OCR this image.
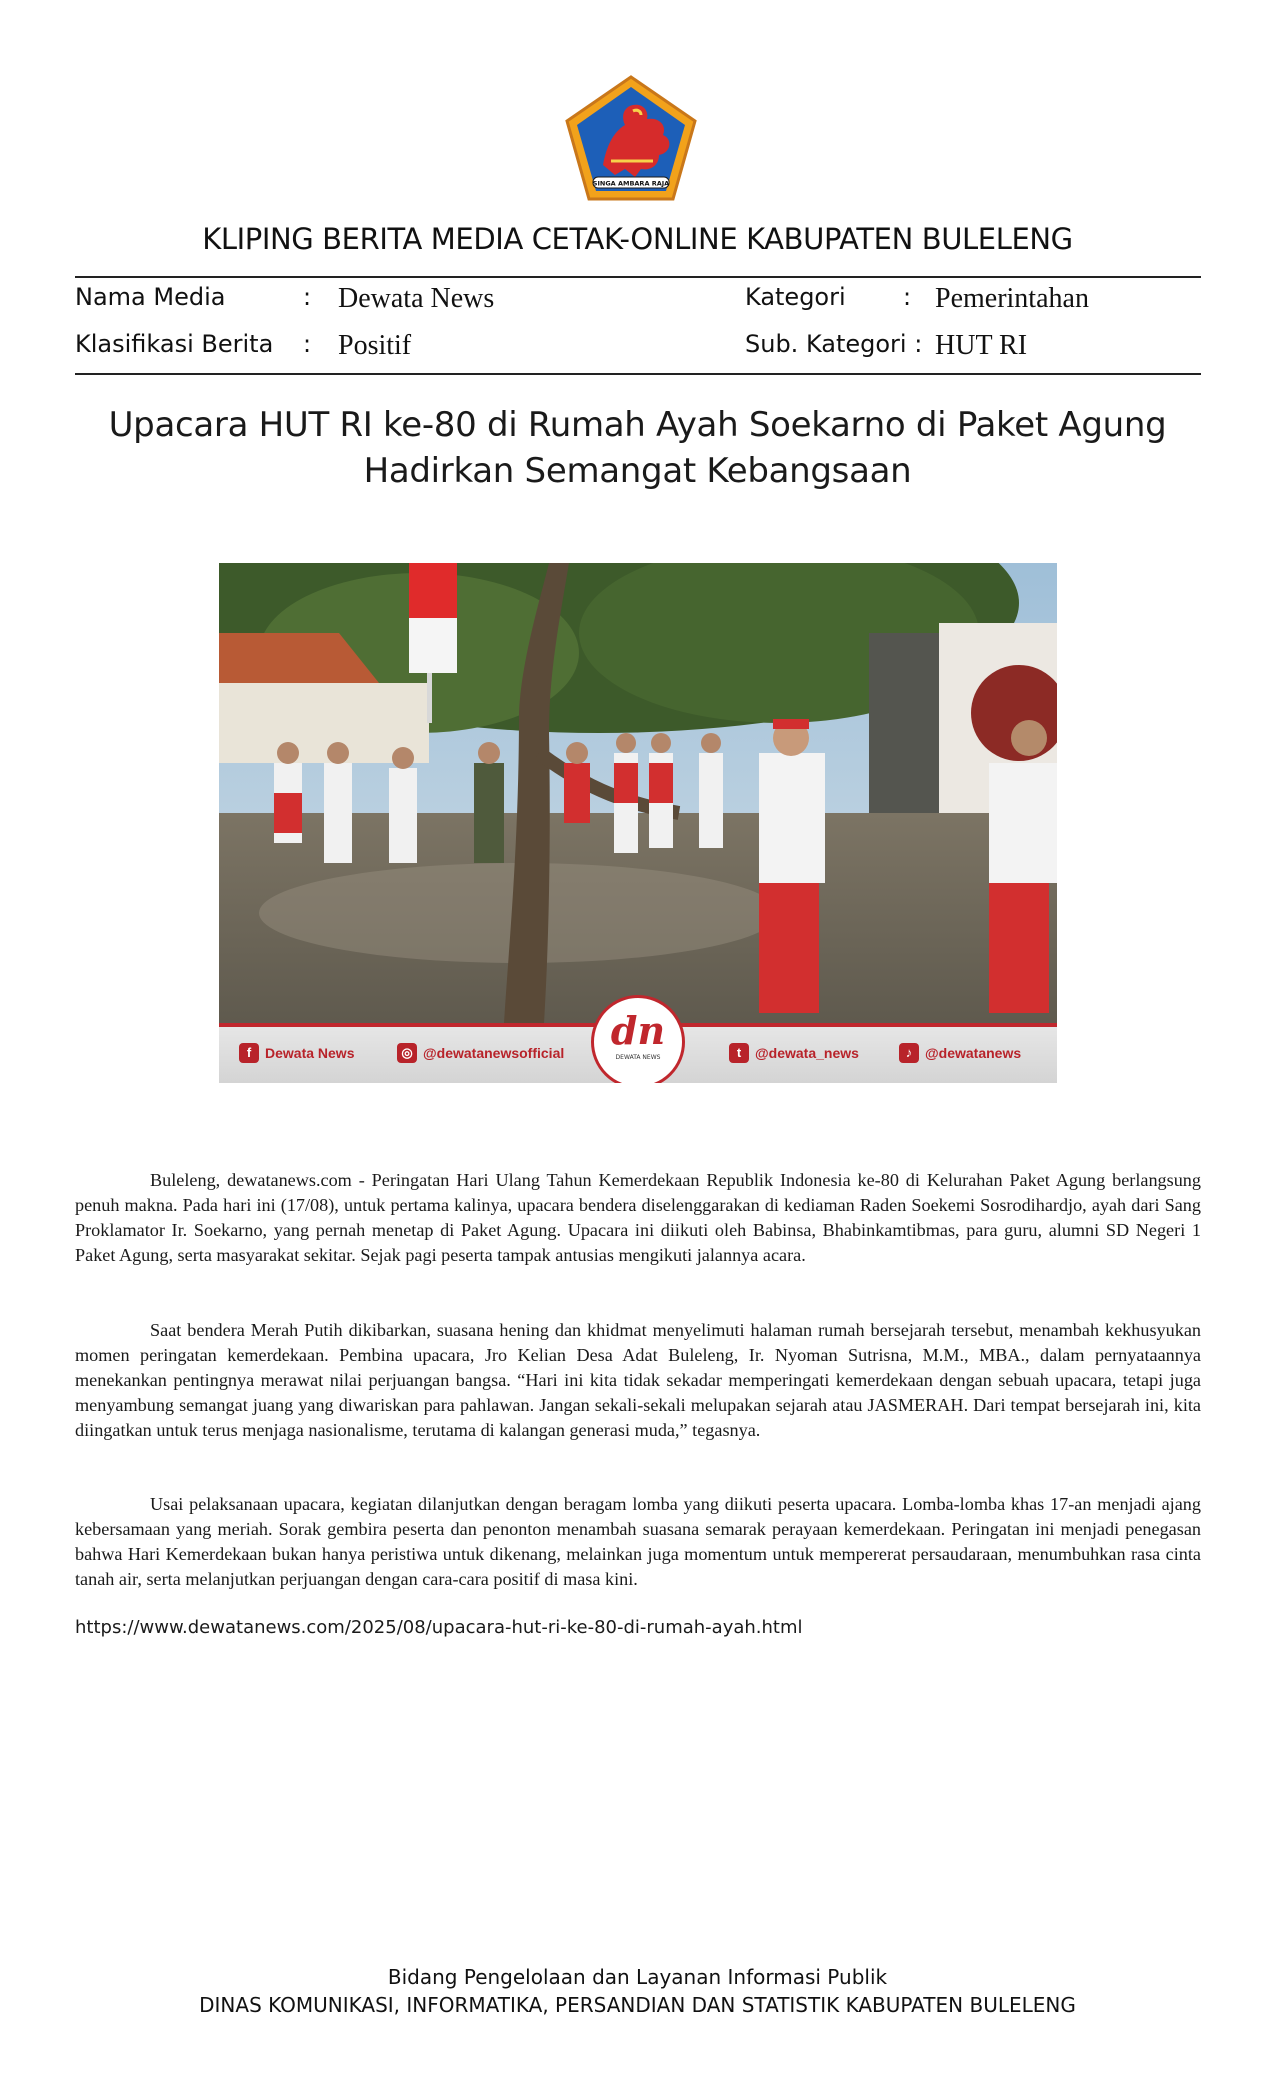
SINGA AMBARA RAJA
KLIPING BERITA MEDIA CETAK-ONLINE KABUPATEN BULELENG
Nama Media	: Dewata News	Kategori : Pemerintahan
Klasifikasi Berita : Positif	Sub. Kategori : HUT RI
Upacara HUT RI ke-80 di Rumah Ayah Soekarno di Paket Agung
Hadirkan Semangat Kebangsaan
f Dewata News	◎ @dewatanewsofficial	t @dewata_news	♪ @dewatanews
dn
DEWATA NEWS

Buleleng, dewatanews.com - Peringatan Hari Ulang Tahun Kemerdekaan Republik Indonesia ke-80 di Kelurahan Paket Agung berlangsung penuh makna. Pada hari ini (17/08), untuk pertama kalinya, upacara bendera diselenggarakan di kediaman Raden Soekemi Sosrodihardjo, ayah dari Sang Proklamator Ir. Soekarno, yang pernah menetap di Paket Agung. Upacara ini diikuti oleh Babinsa, Bhabinkamtibmas, para guru, alumni SD Negeri 1 Paket Agung, serta masyarakat sekitar. Sejak pagi peserta tampak antusias mengikuti jalannya acara.

Saat bendera Merah Putih dikibarkan, suasana hening dan khidmat menyelimuti halaman rumah bersejarah tersebut, menambah kekhusyukan momen peringatan kemerdekaan. Pembina upacara, Jro Kelian Desa Adat Buleleng, Ir. Nyoman Sutrisna, M.M., MBA., dalam pernyataannya menekankan pentingnya merawat nilai perjuangan bangsa. “Hari ini kita tidak sekadar memperingati kemerdekaan dengan sebuah upacara, tetapi juga menyambung semangat juang yang diwariskan para pahlawan. Jangan sekali-sekali melupakan sejarah atau JASMERAH. Dari tempat bersejarah ini, kita diingatkan untuk terus menjaga nasionalisme, terutama di kalangan generasi muda,” tegasnya.

Usai pelaksanaan upacara, kegiatan dilanjutkan dengan beragam lomba yang diikuti peserta upacara. Lomba-lomba khas 17-an menjadi ajang kebersamaan yang meriah. Sorak gembira peserta dan penonton menambah suasana semarak perayaan kemerdekaan. Peringatan ini menjadi penegasan bahwa Hari Kemerdekaan bukan hanya peristiwa untuk dikenang, melainkan juga momentum untuk mempererat persaudaraan, menumbuhkan rasa cinta tanah air, serta melanjutkan perjuangan dengan cara-cara positif di masa kini.

https://www.dewatanews.com/2025/08/upacara-hut-ri-ke-80-di-rumah-ayah.html
Bidang Pengelolaan dan Layanan Informasi Publik
DINAS KOMUNIKASI, INFORMATIKA, PERSANDIAN DAN STATISTIK KABUPATEN BULELENG
